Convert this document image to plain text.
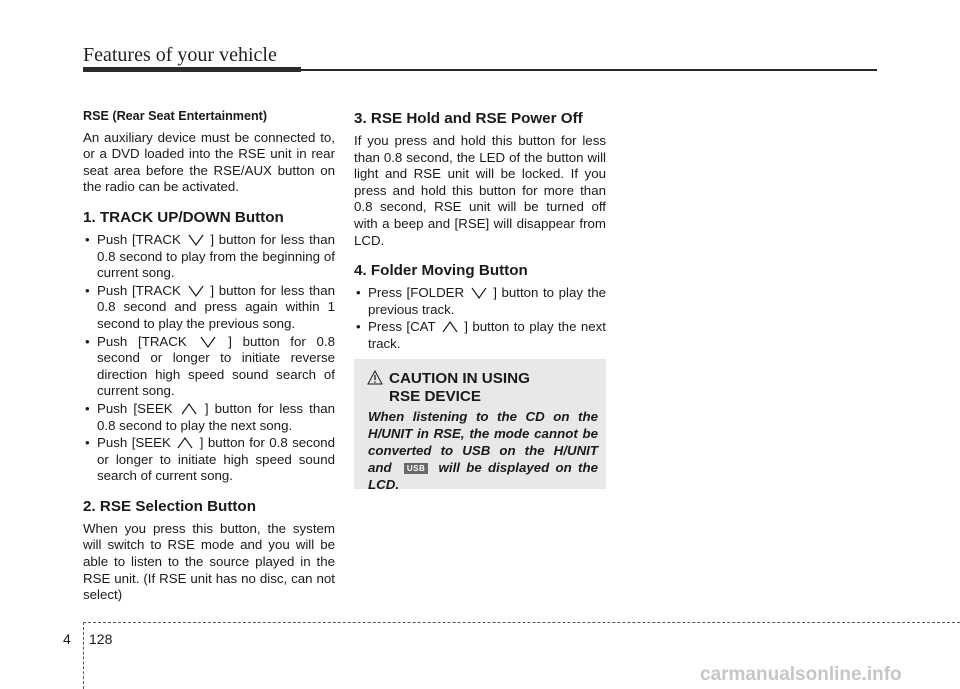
Features of your vehicle
RSE (Rear Seat Entertainment)

An auxiliary device must be connected to, or a DVD loaded into the RSE unit in rear seat area before the RSE/AUX button on the radio can be activated.

1. TRACK UP/DOWN Button
• Push [TRACK ] button for less than 0.8 second to play from the beginning of current song.
• Push [TRACK ] button for less than 0.8 second and press again within 1 second to play the previous song.
• Push [TRACK	] button for 0.8 second or longer to initiate reverse direction high speed sound search of current song.
• Push [SEEK ] button for less than 0.8 second to play the next song.
• Push [SEEK ] button for 0.8 second or longer to initiate high speed sound search of current song.
2. RSE Selection Button

When you press this button, the system will switch to RSE mode and you will be able to listen to the source played in the RSE unit. (If RSE unit has no disc, can not select)

3. RSE Hold and RSE Power Off

If you press and hold this button for less than 0.8 second, the LED of the button will light and RSE unit will be locked. If you press and hold this button for more than 0.8 second, RSE unit will be turned off with a beep and [RSE] will disappear from LCD.

4. Folder Moving Button
• Press [FOLDER ] button to play the previous track.
• Press [CAT ] button to play the next track.
CAUTION IN USING
RSE DEVICE
When listening to the CD on the H/UNIT in RSE, the mode cannot be converted to USB on the H/UNIT and USB will be displayed on the LCD.
4 128
carmanualsonline.info
